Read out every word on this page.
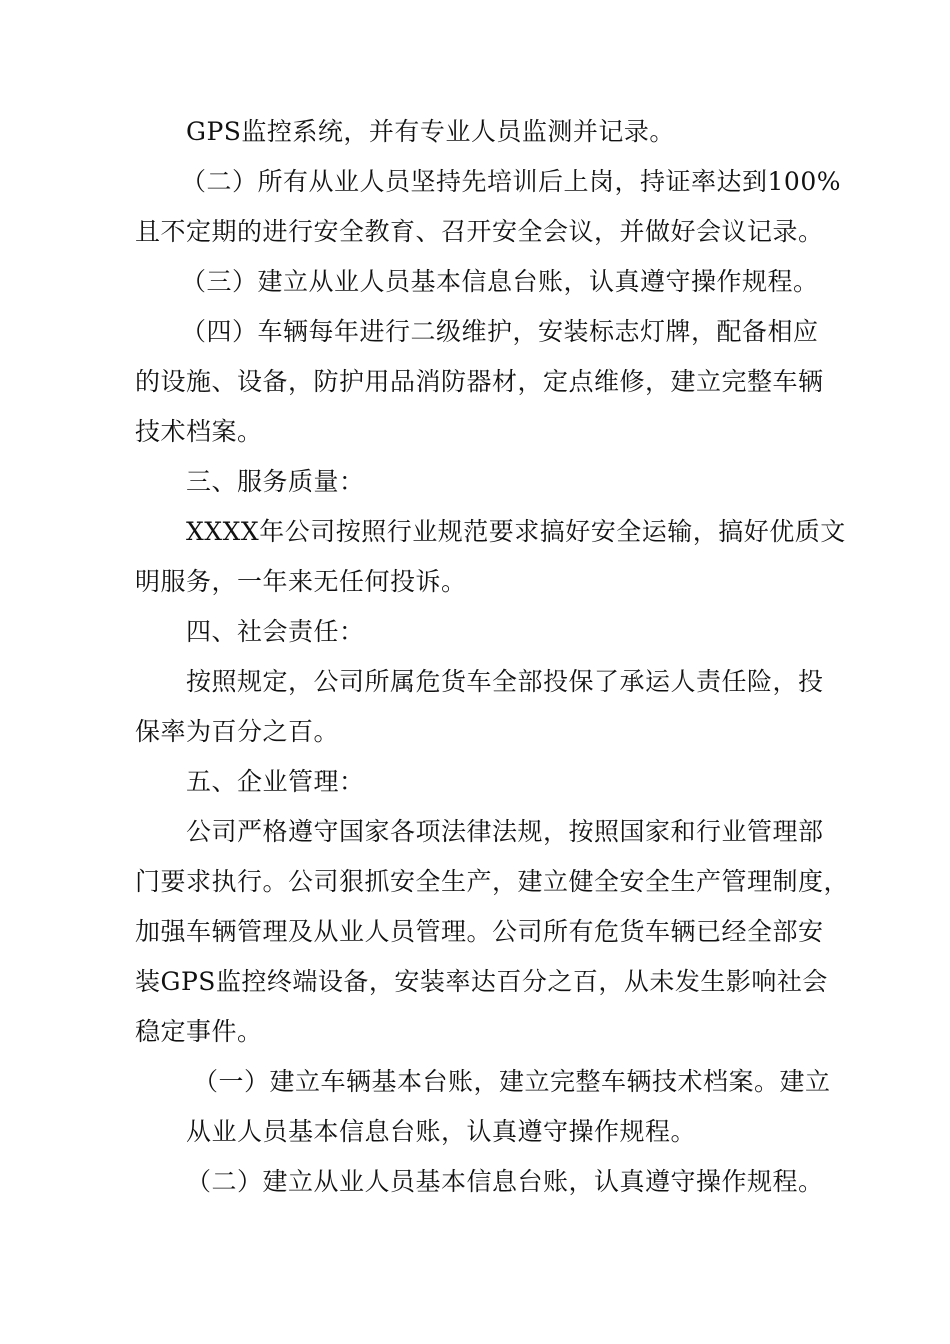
GPS监控系统，并有专业人员监测并记录。
（二）所有从业人员坚持先培训后上岗，持证率达到100%
且不定期的进行安全教育、召开安全会议，并做好会议记录。
（三）建立从业人员基本信息台账，认真遵守操作规程。
（四）车辆每年进行二级维护，安装标志灯牌，配备相应
的设施、设备，防护用品消防器材，定点维修，建立完整车辆
技术档案。
三、服务质量：
XXXX年公司按照行业规范要求搞好安全运输，搞好优质文
明服务，一年来无任何投诉。
四、社会责任：
按照规定，公司所属危货车全部投保了承运人责任险，投
保率为百分之百。
五、企业管理：
公司严格遵守国家各项法律法规，按照国家和行业管理部
门要求执行。公司狠抓安全生产，建立健全安全生产管理制度，
加强车辆管理及从业人员管理。公司所有危货车辆已经全部安
装GPS监控终端设备，安装率达百分之百，从未发生影响社会
稳定事件。
（一）建立车辆基本台账，建立完整车辆技术档案。建立
从业人员基本信息台账，认真遵守操作规程。
（二）建立从业人员基本信息台账，认真遵守操作规程。
